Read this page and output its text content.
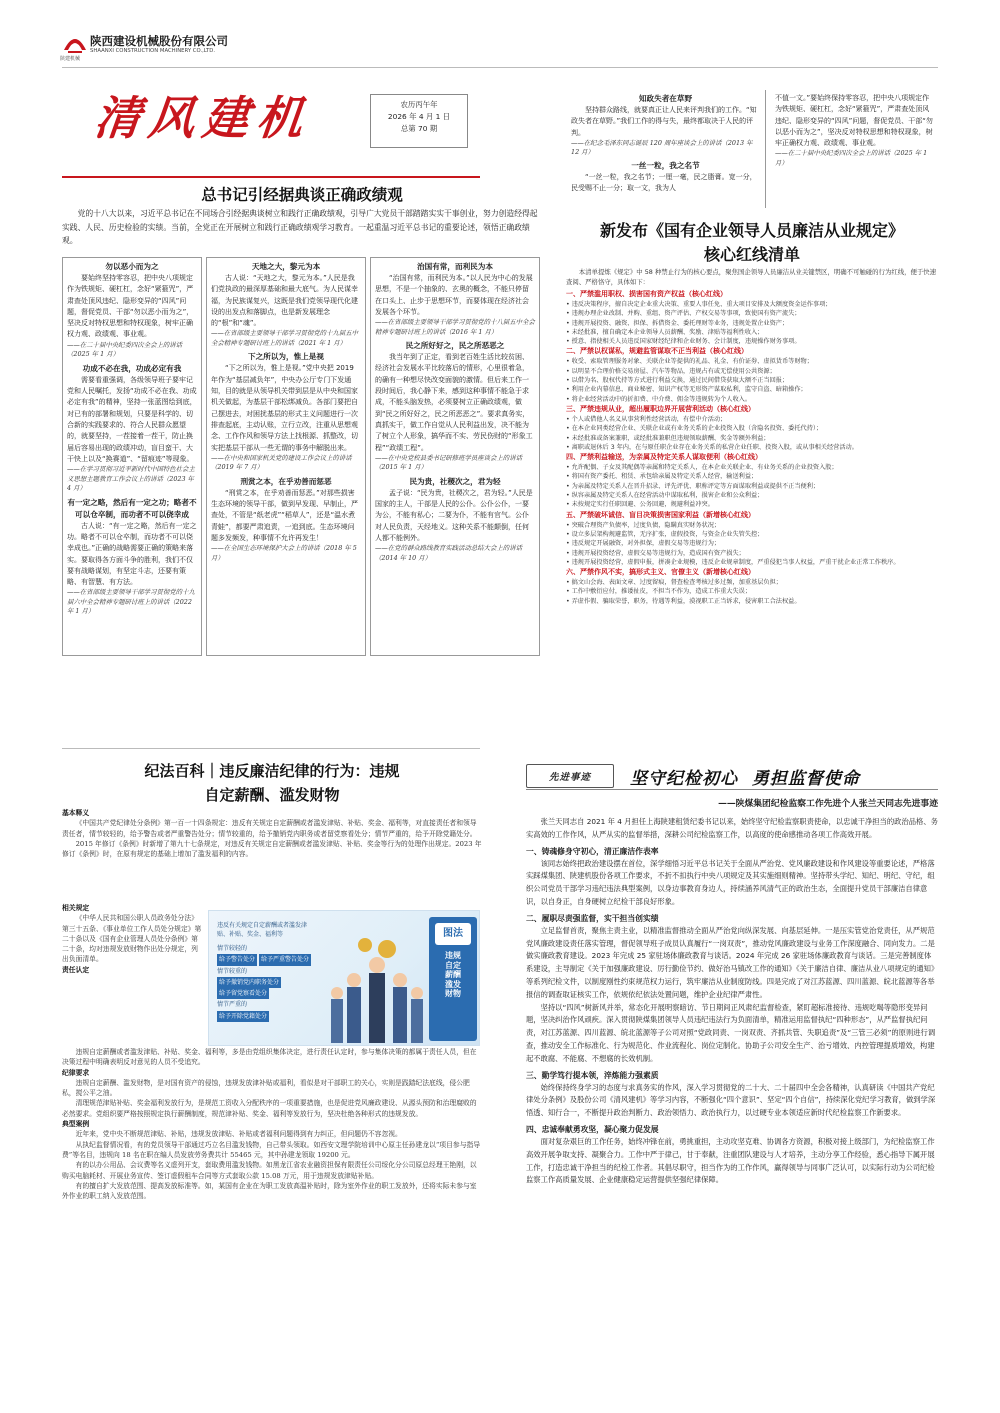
陕建机械
陕西建设机械股份有限公司
SHAANXI CONSTRUCTION MACHINERY CO.,LTD.
清风建机	农历丙午年
2026 年 4 月 1 日
总第 70 期
总书记引经据典谈正确政绩观
党的十八大以来，习近平总书记在不同场合引经据典谈树立和践行正确政绩观，引导广大党员干部踏踏实实干事创业，努力创造经得起实践、人民、历史检验的实绩。当前，全党正在开展树立和践行正确政绩观学习教育。一起重温习近平总书记的重要论述，领悟正确政绩观。
勿以恶小而为之
要始终坚持零容忍，把中央八项规定作为铁规矩、硬杠杠，念好“紧箍咒”，严肃查处顶风违纪、隐形变异的“四风”问题，督促党员、干部“勿以恶小而为之”，坚决反对特权思想和特权现象，树牢正确权力观、政绩观、事业观。
——在二十届中央纪委四次全会上的讲话（2025 年 1 月）
功成不必在我，功成必定有我
需要看重强调，各级领导班子要牢记党和人民嘱托，发扬“功成不必在我、功成必定有我”的精神，坚持一张蓝图绘到底，对已有的部署和规划，只要是科学的、切合新的实践要求的、符合人民群众愿望的，就要坚持，一茬接着一茬干，防止换届后容易出现的政绩冲动，盲目蛮干、大干快上以及“换赛道”、“留痕迹”等现象。
——在学习贯彻习近平新时代中国特色社会主义思想主题教育工作会议上的讲话（2023 年 4 月）
有一定之略，然后有一定之功；略者不可以仓卒制，而功者不可以侥幸成
古人说：“有一定之略，然后有一定之功。略者不可以仓卒制，而功者不可以侥幸成也。”正确的战略需要正确的策略来落实。要取得各方面斗争的胜利，我们不仅要有战略谋划，有坚定斗志，还要有策略、有智慧、有方法。
——在省部级主要领导干部学习贯彻党的十九届六中全会精神专题研讨班上的讲话（2022 年 1 月）
天地之大，黎元为本
古人说：“天地之大，黎元为本。”人民是我们党执政的最深厚基础和最大底气。为人民谋幸福，为民族谋复兴，这既是我们党领导现代化建设的出发点和落脚点，也是新发展理念的“根”和“魂”。
——在省部级主要领导干部学习贯彻党的十九届五中全会精神专题研讨班上的讲话（2021 年 1 月）
下之所以为，惟上是视
“下之所以为，惟上是视。”党中央把 2019 年作为“基层减负年”，中央办公厅专门下发通知，目的就是从领导机关带到层是从中央和国家机关做起，为基层干部松绑减负。各部门要把自己摆进去，对困扰基层的形式主义问题进行一次排查起底，主动认账，立行立改，注重从思想观念、工作作风和领导方法上找根源、抓整改，切实把基层干部从一些无谓的事务中解脱出来。
——在中央和国家机关党的建设工作会议上的讲话（2019 年 7 月）
刑赏之本，在乎劝善而惩恶
“刑赏之本，在乎劝善而惩恶。”对那些损害生态环境的领导干部，做到早发现、早制止，严查处，不管是“纸老虎”“稻草人”，还是“温水煮青蛙”，都要严肃追责，一追到底。生态环境问题多发频发，种事情不允许再发生！
——在全国生态环境保护大会上的讲话（2018 年 5 月）
治国有常，而利民为本
“治国有常，而利民为本。”以人民为中心的发展思想，不是一个抽象的、玄奥的概念，不能只停留在口头上、止步于思想环节，而要体现在经济社会发展各个环节。
——在省部级主要领导干部学习贯彻党的十八届五中全会精神专题研讨班上的讲话（2016 年 1 月）
民之所好好之，民之所恶恶之
我当年到了正定，看到老百姓生活比较贫困、经济社会发展水平比较落后的情形，心里很着急，的确有一种想尽快改变面貌的激情。但后来工作一段时间后，我心静下来，感到这种事情不能急于求成，不能头脑发热，必须要树立正确政绩观，做到“民之所好好之，民之所恶恶之”。要求真务实，真抓实干，做工作自觉从人民利益出发，决不能为了树立个人形象，搞华而不实、劳民伤财的“形象工程”“政绩工程”。
——在中央党校县委书记研修班学员座谈会上的讲话（2015 年 1 月）
民为贵，社稷次之，君为轻
孟子说：“民为贵，社稷次之，君为轻。”人民是国家的主人，干部是人民的公仆。公仆公仆，一要为公，不能有私心；二要为仆，不能有官气。公仆对人民负责，天经地义。这种关系不能颠倒，任何人都不能例外。
——在党的群众路线教育实践活动总结大会上的讲话（2014 年 10 月）
知政失者在草野
坚持群众路线，就要真正让人民来评判我们的工作。“知政失者在草野。”我们工作的得与失，最终都取决于人民的评判。
——在纪念毛泽东同志诞辰 120 周年座谈会上的讲话（2013 年 12 月）
一丝一粒，我之名节
“一丝一粒，我之名节；一厘一毫，民之脂膏。宽一分，民受赐不止一分；取一文，我为人
不值一文。”要始终保持零容忍，把中央八项规定作为铁规矩、硬杠杠，念好“紧箍咒”，严肃查处顶风违纪、隐形变异的“四风”问题，督促党员、干部“勿以恶小而为之”，坚决反对特权思想和特权现象，树牢正确权力观、政绩观、事业观。
——在二十届中央纪委四次全会上的讲话（2025 年 1 月）
新发布《国有企业领导人员廉洁从业规定》
核心红线清单
本清单提炼《规定》中 58 种禁止行为的核心要点，聚焦国企领导人员廉洁从业关键禁区，明确不可触碰的行为红线，便于快速查阅、严格恪守，具体如下：
一、严禁滥用职权、损害国有资产权益（核心红线）
• 违反决策程序，擅自决定企业重大决策、重要人事任免、重大项目安排及大额度资金运作事项；
• 违规办理企业改制、并购、重组、资产评估、产权交易等事项，致使国有资产流失；
• 违规开展投资、融资、担保、拆借资金、委托理财等业务，违规处置企业资产；
• 未经批准，擅自确定本企业领导人员薪酬、奖励、津贴等福利性收入；
• 授意、指使相关人员违反国家财经纪律和企业财务、会计制度，违规操作财务事项。
二、严禁以权谋私，规避监管谋取不正当利益（核心红线）
• 收受、索取管理服务对象、关联企业等提供的礼品、礼金、有价证券、虚拟货币等财物；
• 以明显不合理价格交易房屋、汽车等物品，违规占有或无偿使用公共资源；
• 以借为名、股权代持等方式进行利益交换，通过民间借贷获取大额不正当回报；
• 利用企业内幕信息、商业秘密、知识产权等无形资产谋取私利，监守自盗、暗箱操作；
• 将企业经营活动中的折扣费、中介费、佣金等违规转为个人收入。
三、严禁违规从业，超出履职边界开展营利活动（核心红线）
• 个人或借他人名义从事营利性经营活动，有偿中介活动；
• 在本企业同类经营企业、关联企业或有业务关系的企业投资入股（含隐名投资、委托代持）；
• 未经批准或备案兼职，或经批准兼职但违规领取薪酬、奖金等额外利益；
• 离职或退休后 3 年内，在与原任职企业存在业务关系的私营企业任职、投资入股，或从事相关经营活动。
四、严禁利益输送，为亲属及特定关系人谋取便利（核心红线）
• 允许配偶、子女及其配偶等亲属和特定关系人，在本企业关联企业、有业务关系的企业投资入股；
• 将国有资产委托、租赁、承包给亲属及特定关系人经营，输送利益；
• 为亲属及特定关系人在晋升招录、评先评优、职称评定等方面谋取利益或提供不正当便利；
• 纵容亲属及特定关系人在经营活动中谋取私利，损害企业和公众利益；
• 未按规定实行任职回避、公务回避，规避利益冲突。
五、严禁破坏诚信、盲目决策损害国家利益（新增核心红线）
• 突破合理资产负债率，过度负债，隐瞒真实财务状况；
• 设立多层架构规避监管，无序扩张，虚假投资，与资金企业失管失控；
• 违反规定开展融资，对外担保，虚假交易等违规行为；
• 违规开展投资经营，虚假交易等违规行为，造成国有资产损失；
• 违规开展投资经营，虚假申报，拼凑企业规模，违反企业规章制度，严重侵犯当事人权益，严重干扰企业正常工作秩序。
六、严禁作风不实，搞形式主义、官僚主义（新增核心红线）
• 搞文山会海、表面文章、过度留痕，督查检查考核过多过频，加重基层负担；
• 工作中敷衍应付，推诿扯皮，不担当不作为，造成工作重大失误；
• 弄虚作假、骗取荣誉，职务，待遇等利益，漠视职工正当诉求，侵害职工合法权益。
纪法百科｜违反廉洁纪律的行为：违规
自定薪酬、滥发财物
基本释义
《中国共产党纪律处分条例》第一百一十四条规定：违反有关规定自定薪酬或者滥发津贴、补贴、奖金、福利等，对直接责任者和领导责任者，情节较轻的，给予警告或者严重警告处分；情节较重的，给予撤销党内职务或者留党察看处分；情节严重的，给予开除党籍处分。
2015 年修订《条例》时新增了第九十七条规定，对违反有关规定自定薪酬或者滥发津贴、补贴、奖金等行为的处理作出规定。2023 年修订《条例》时，在原有规定的基础上增加了滥发福利的内容。
相关规定
《中华人民共和国公职人员政务处分法》第三十五条、《事业单位工作人员处分规定》第二十条以及《国有企业管理人员处分条例》第二十条，均对违规发放财物作出处分规定，列出负面清单。
责任认定
违规自定薪酬或者滥发津贴、补贴、奖金、福利等，多是由党组织集体决定，进行责任认定时，参与集体决策的都属于责任人员，但在决策过程中明确表明反对意见的人员不受追究。
纪律要求
违规自定薪酬、滥发财物，是对国有资产的侵蚀，违规发放津补贴或福利，看似是对干部职工的关心，实则是践踏纪法底线，侵公肥私，搅公平之油。
清理规范津贴补贴、奖金福利发放行为，是规范工资收入分配秩序的一项重要措施，也是促进党风廉政建设、从源头预防和治理腐败的必然要求。党组织要严格按照规定执行薪酬制度，规范津补贴、奖金、福利等发放行为，坚决杜绝各种形式的违规发放。
典型案例
近年来，党中央不断规范津贴、补贴，违规发放津贴、补贴或者福利问题得到有力纠正，但问题仍不容忽视。
从执纪监督情况看，有的党员领导干部通过巧立名目滥发钱物，自己带头领取。如西安文理学院培训中心原主任孙建龙以“项目参与指导费”等名目，违规向 18 名在职在编人员发放劳务费共计 55465 元，其中孙建龙领取 19200 元。
有的以办公用品、会议费等名义虚列开支，套取费用滥发钱物。如黑龙江省农业融资担保有限责任公司绥化分公司原总经理王艳刚，以购买电脑耗材、开展业务宣传、签订虚假租车合同等方式套取公款 15.08 万元，用于违规发放津贴补贴。
有的擅自扩大发放范围、提高发放标准等。如，某国有企业在为职工发放高温补贴时，除为室外作业的职工发放外，还将实际未参与室外作业的职工纳入发放范围。
违反有关规定自定薪酬或者滥发津贴、补贴、奖金、福利等
情节较轻的
给予警告处分 给予严重警告处分
情节较重的
给予撤销党内职务处分 给予留党察看处分
情节严重的
给予开除党籍处分
图法
违规自定薪酬滥发财物
先进事迹	坚守纪检初心  勇担监督使命
——陕煤集团纪检监察工作先进个人张兰天同志先进事迹
张兰天同志自 2021 年 4 月担任上海陕建租赁纪委书记以来，始终坚守纪检监察职责使命，以忠诚干净担当的政治品格、务实高效的工作作风，从严从实的监督举措，深耕公司纪检监察工作，以高度的使命感推动各项工作高效开展。
一、铸魂修身守初心，清正廉洁作表率
该同志始终把政治建设摆在首位，深学细悟习近平总书记关于全面从严治党、党风廉政建设和作风建设等重要论述，严格落实踩煤集团、陕建机股份各项工作要求，不折不扣执行中央八项规定及其实施细则精神。坚持带头学纪、知纪、明纪、守纪，组织公司党员干部学习违纪违法典型案例，以身边事教育身边人，持续涵养风清气正的政治生态，全面提升党员干部廉洁自律意识，以自身正，自身硬树立纪检干部良好形象。
二、履职尽责强监督，实干担当创实绩
立足监督首责，聚焦主责主业，以精准监督推动全面从严治党向纵深发展、向基层延伸。一是压实管党治党责任，从严规范党风廉政建设责任落实管理，督促领导班子成员认真履行“一岗双责”，推动党风廉政建设与业务工作深度融合、同向发力。二是做实廉政教育建设。2023 年完成 25 家驻场体廉政教育与谈话。2024 年完成 26 家驻场体廉政教育与谈话。三是完善制度体系建设，主导制定《关于加强廉政建设、厉行勤俭节约、做好治马镇改工作的通知》《关于廉洁自律、廉洁从业八项规定的通知》等系列纪检文件，以制度刚性约束规范权力运行，筑牢廉洁从业制度防线。四是完成了对江苏蓝源、四川蓝源、皖北蓝源等各举报信的调查取证核实工作，依规依纪依法处置问题，维护企业纪律严肃性。
坚持以“四风”树新风并举，常态化开展明察暗访、节日期间正风肃纪监督检查，紧盯超标准接待、违规吃喝等隐形变异问题，坚决纠治作风顽疾。深入贯彻陕煤集团领导人员违纪违法行为负面清单，精准运用监督执纪“四种形态”，从严监督执纪问责，对江苏蓝源、四川蓝源、皖北蓝源等子公司对照“党政同责、一岗双责、齐抓共管、失职追责”及“三管三必须”的原则进行调查，推动安全工作标准化、行为规范化、作业流程化、岗位定制化。协助子公司安全生产、治亏增效、内控管理提质增效，构建起不敢腐、不能腐、不想腐的长效机制。
三、勤学笃行提本领，淬炼能力强素质
始终保持终身学习的态度与求真务实的作风，深入学习贯彻党的二十大、二十届四中全会各精神，认真研读《中国共产党纪律处分条例》及股份公司《清风建机》等学习内容，不断强化“四个意识”、坚定“四个自信”，持续深化党纪学习教育，做到学深悟透、知行合一，不断提升政治判断力、政治领悟力、政治执行力，以过硬专业本领适应新时代纪检监察工作新要求。
四、忠诚奉献勇攻坚，凝心聚力促发展
面对复杂艰巨的工作任务，始终冲锋在前，勇挑重担，主动攻坚克难、协调各方资源，积极对接上级部门，为纪检监察工作高效开展争取支持、凝聚合力。工作中严于律己，甘于奉献，注重团队建设与人才培养，主动分享工作经验，悉心指导下属开展工作，打造忠诚干净担当的纪检工作者。其倡尽职守，担当作为的工作作风，赢得领导与同事广泛认可，以实际行动为公司纪检监察工作高质量发展、企业健康稳定运营提供坚强纪律保障。
